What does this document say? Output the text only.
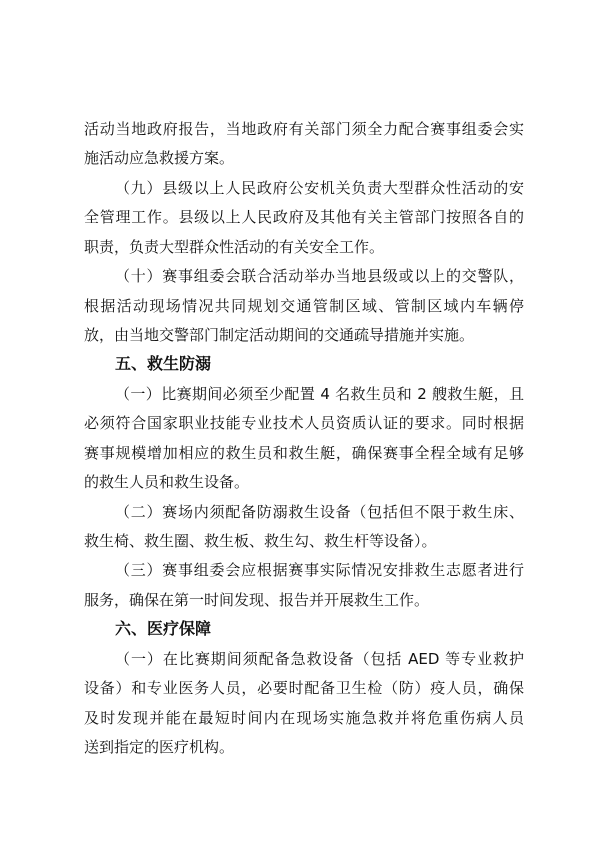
活动当地政府报告，当地政府有关部门须全力配合赛事组委会实
施活动应急救援方案。
（九）县级以上人民政府公安机关负责大型群众性活动的安
全管理工作。县级以上人民政府及其他有关主管部门按照各自的
职责，负责大型群众性活动的有关安全工作。
（十）赛事组委会联合活动举办当地县级或以上的交警队，
根据活动现场情况共同规划交通管制区域、管制区域内车辆停
放，由当地交警部门制定活动期间的交通疏导措施并实施。
五、救生防溺
（一）比赛期间必须至少配置 4 名救生员和 2 艘救生艇，且
必须符合国家职业技能专业技术人员资质认证的要求。同时根据
赛事规模增加相应的救生员和救生艇，确保赛事全程全域有足够
的救生人员和救生设备。
（二）赛场内须配备防溺救生设备（包括但不限于救生床、
救生椅、救生圈、救生板、救生勾、救生杆等设备）。
（三）赛事组委会应根据赛事实际情况安排救生志愿者进行
服务，确保在第一时间发现、报告并开展救生工作。
六、医疗保障
（一）在比赛期间须配备急救设备（包括 AED 等专业救护
设备）和专业医务人员，必要时配备卫生检（防）疫人员，确保
及时发现并能在最短时间内在现场实施急救并将危重伤病人员
送到指定的医疗机构。
